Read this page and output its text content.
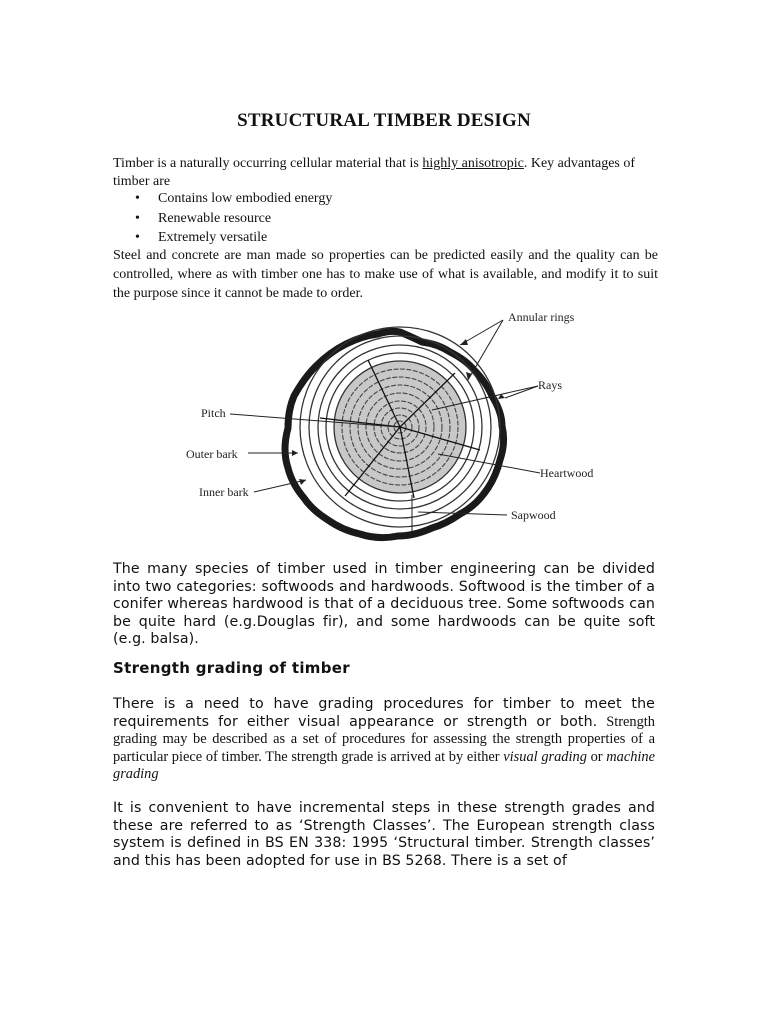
STRUCTURAL TIMBER DESIGN
Timber is a naturally occurring cellular material that is highly anisotropic. Key advantages of timber are
• Contains low embodied energy
• Renewable resource
• Extremely versatile
Steel and concrete are man made so properties can be predicted easily and the quality can be controlled, where as with timber one has to make use of what is available, and modify it to suit the purpose since it cannot be made to order.
Annular rings
Rays
Pitch
Outer bark
Heartwood
Inner bark
Sapwood
The many species of timber used in timber engineering can be divided into two categories: softwoods and hardwoods. Softwood is the timber of a conifer whereas hardwood is that of a deciduous tree. Some softwoods can be quite hard (e.g.Douglas fir), and some hardwoods can be quite soft (e.g. balsa).
Strength grading of timber
There is a need to have grading procedures for timber to meet the requirements for either visual appearance or strength or both. Strength grading may be described as a set of procedures for assessing the strength properties of a particular piece of timber. The strength grade is arrived at by either visual grading or machine grading
It is convenient to have incremental steps in these strength grades and these are referred to as ‘Strength Classes’. The European strength class system is defined in BS EN 338: 1995 ‘Structural timber. Strength classes’ and this has been adopted for use in BS 5268. There is a set of
